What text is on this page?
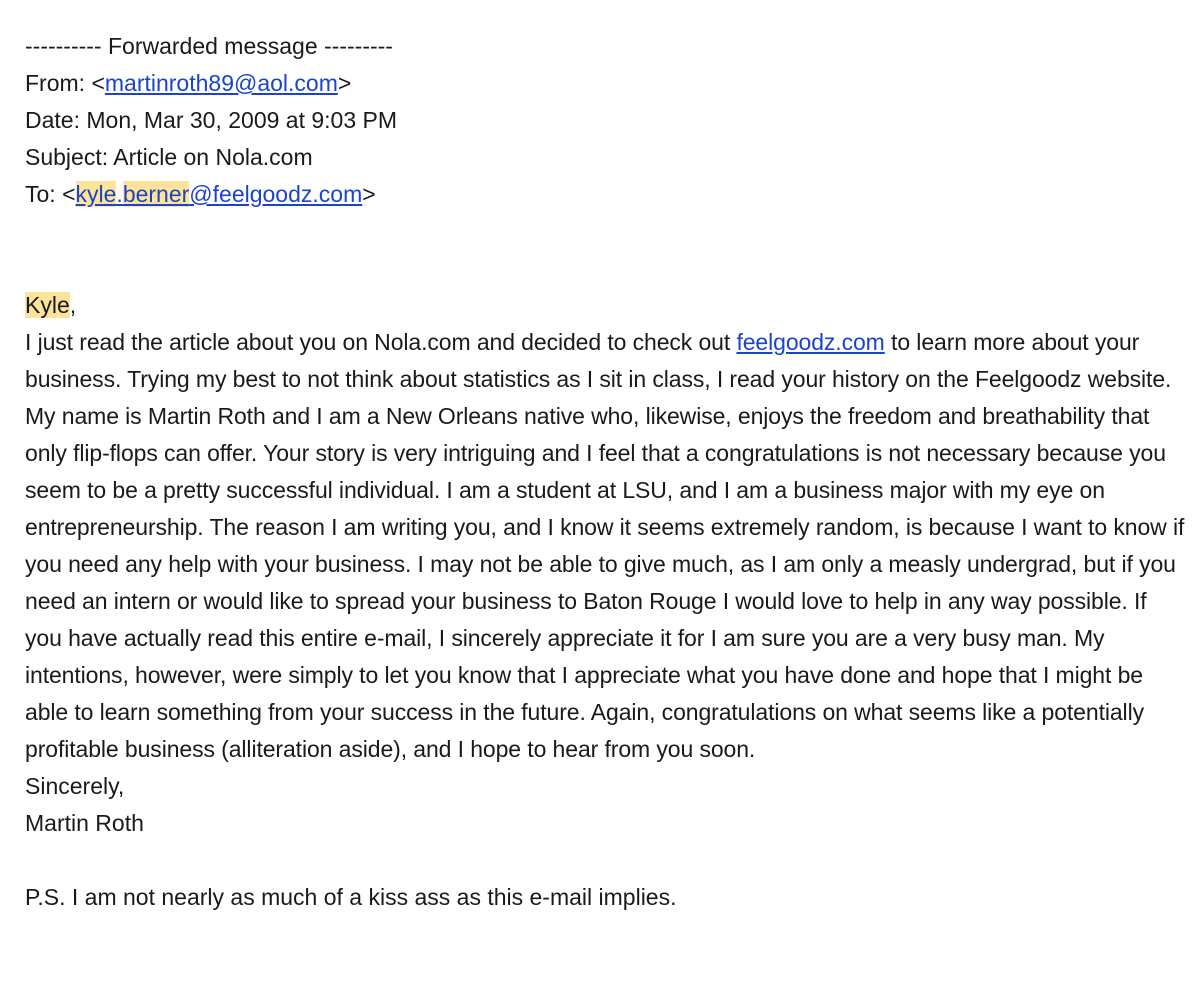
---------- Forwarded message ---------
From: <martinroth89@aol.com>
Date: Mon, Mar 30, 2009 at 9:03 PM
Subject: Article on Nola.com
To: <kyle.berner@feelgoodz.com>
Kyle,
I just read the article about you on Nola.com and decided to check out feelgoodz.com to learn more about your business. Trying my best to not think about statistics as I sit in class, I read your history on the Feelgoodz website. My name is Martin Roth and I am a New Orleans native who, likewise, enjoys the freedom and breathability that only flip-flops can offer. Your story is very intriguing and I feel that a congratulations is not necessary because you seem to be a pretty successful individual. I am a student at LSU, and I am a business major with my eye on entrepreneurship. The reason I am writing you, and I know it seems extremely random, is because I want to know if you need any help with your business. I may not be able to give much, as I am only a measly undergrad, but if you need an intern or would like to spread your business to Baton Rouge I would love to help in any way possible. If you have actually read this entire e-mail, I sincerely appreciate it for I am sure you are a very busy man. My intentions, however, were simply to let you know that I appreciate what you have done and hope that I might be able to learn something from your success in the future. Again, congratulations on what seems like a potentially profitable business (alliteration aside), and I hope to hear from you soon.
Sincerely,
Martin Roth
P.S. I am not nearly as much of a kiss ass as this e-mail implies.
